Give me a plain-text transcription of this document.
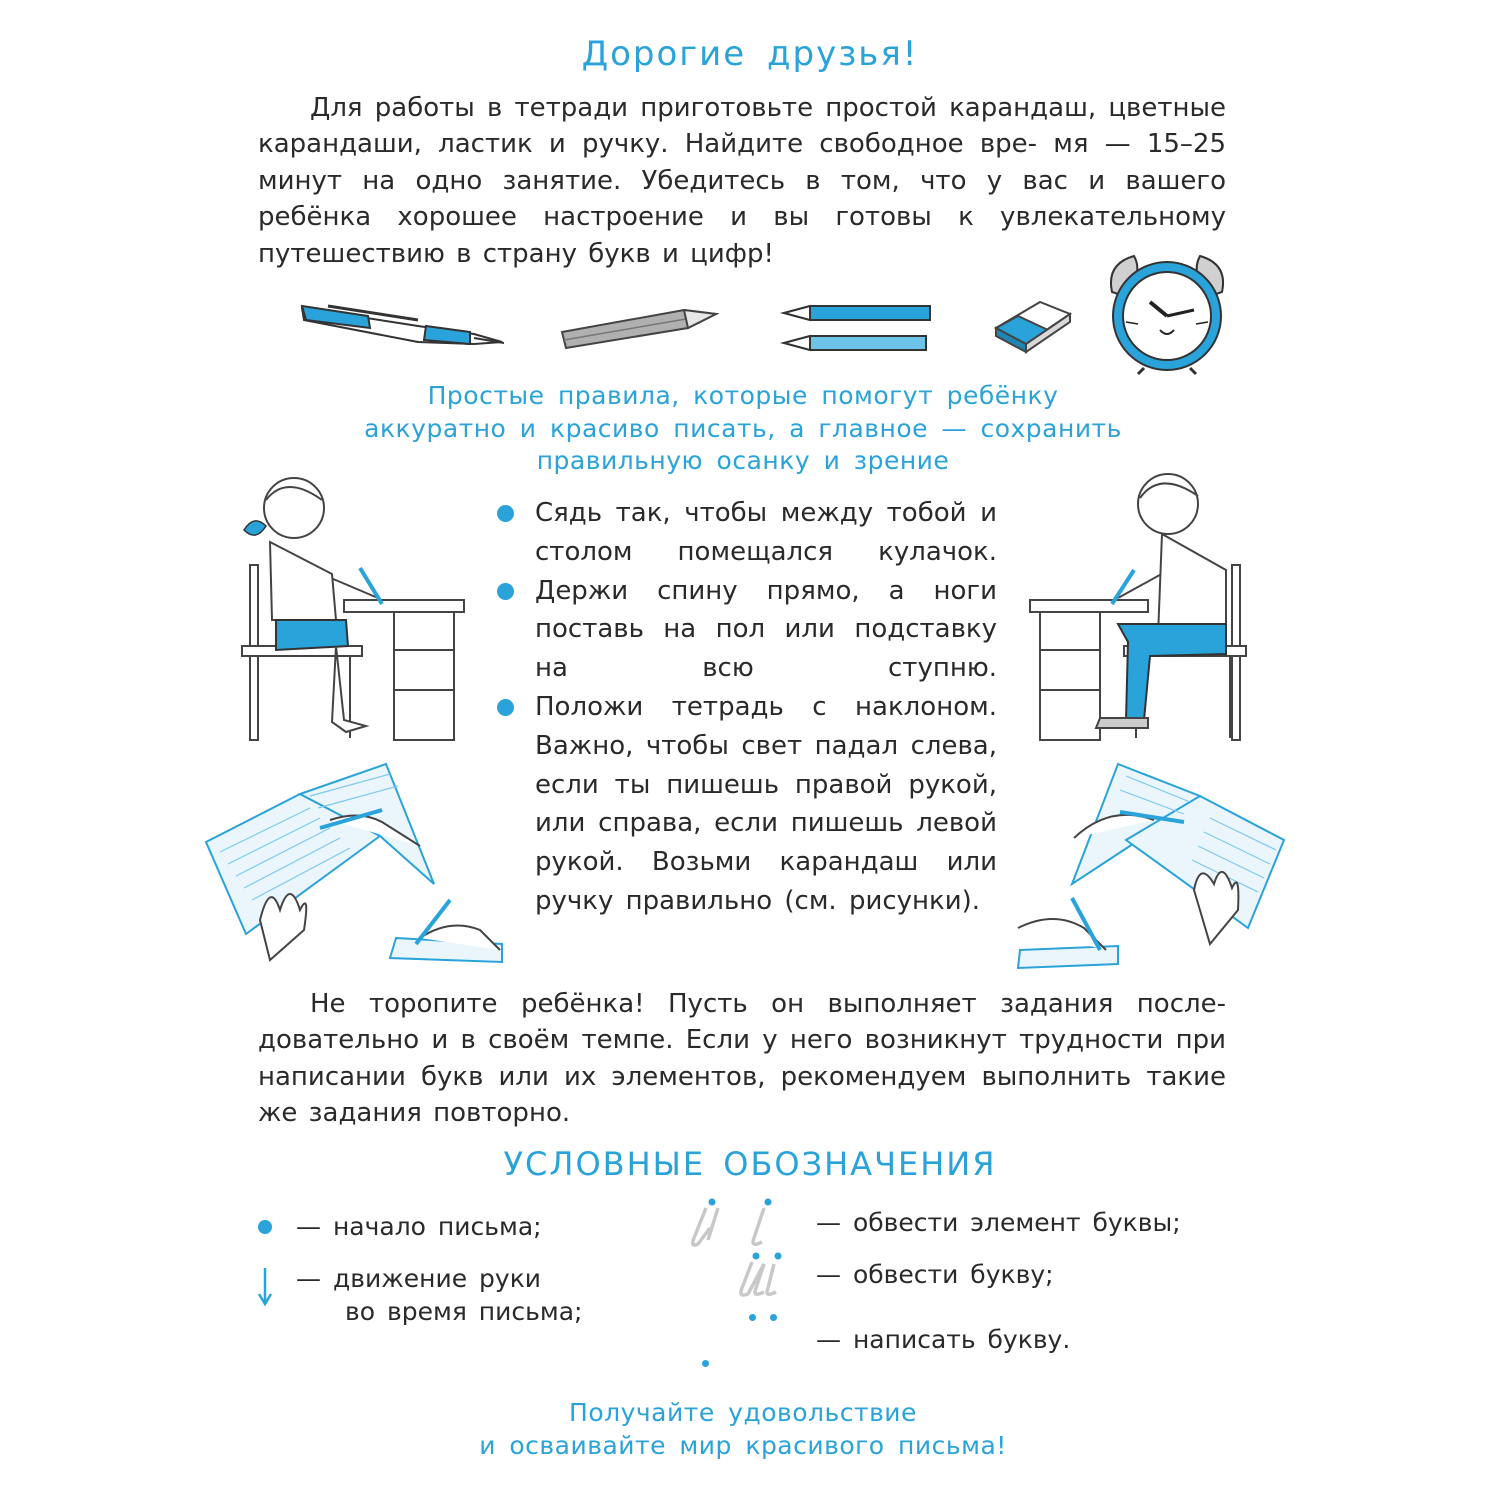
Дорогие друзья!
Для работы в тетради приготовьте простой карандаш, цветные карандаши, ластик и ручку. Найдите свободное вре- мя — 15–25 минут на одно занятие. Убедитесь в том, что у вас и вашего ребёнка хорошее настроение и вы готовы к увлекательному путешествию в страну букв и цифр!
Простые правила, которые помогут ребёнку
аккуратно и красиво писать, а главное — сохранить
правильную осанку и зрение
Сядь так, чтобы между тобой и столом помещался кулачок.
Держи спину прямо, а ноги поставь на пол или подставку на всю ступню.
Положи тетрадь с наклоном. Важно, чтобы свет падал слева, если ты пишешь правой рукой, или справа, если пишешь левой рукой. Возьми карандаш или ручку правильно (см. рисунки).
Не торопите ребёнка! Пусть он выполняет задания после- довательно и в своём темпе. Если у него возникнут трудности при написании букв или их элементов, рекомендуем выполнить такие же задания повторно.
УСЛОВНЫЕ ОБОЗНАЧЕНИЯ
— начало письма;
— движение руки
во время письма;
— обвести элемент буквы;
— обвести букву;
— написать букву.
Получайте удовольствие
и осваивайте мир красивого письма!
